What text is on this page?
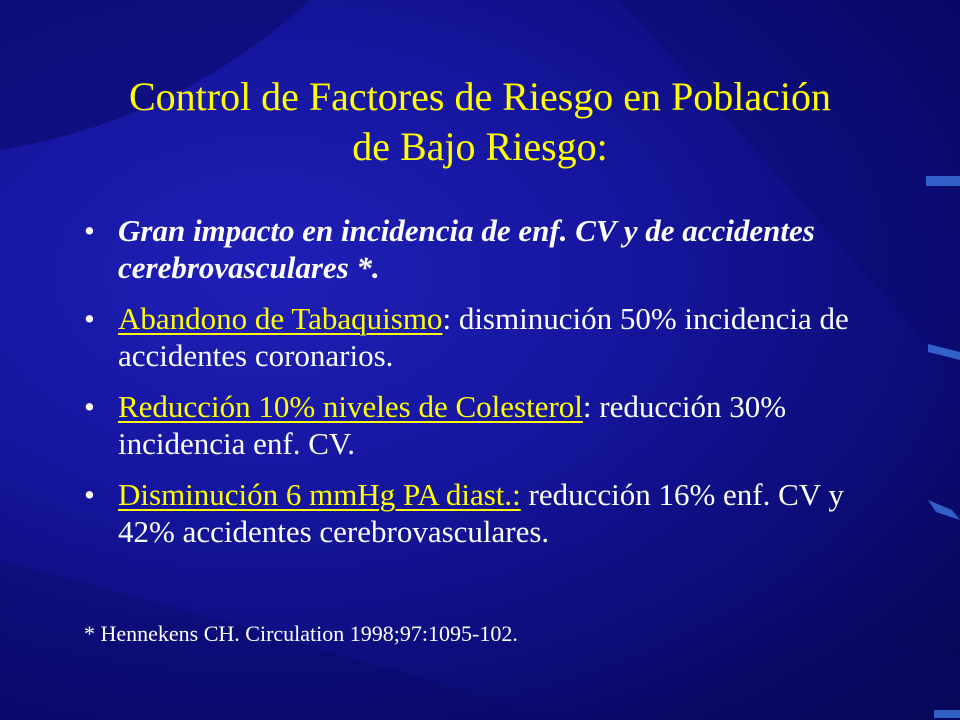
Control de Factores de Riesgo en Población
de Bajo Riesgo:
• Gran impacto en incidencia de enf. CV y de accidentes cerebrovasculares *.
• Abandono de Tabaquismo: disminución 50% incidencia de accidentes coronarios.
• Reducción 10% niveles de Colesterol: reducción 30% incidencia enf. CV.
• Disminución 6 mmHg PA diast.: reducción 16% enf. CV y 42% accidentes cerebrovasculares.
* Hennekens CH. Circulation 1998;97:1095-102.
